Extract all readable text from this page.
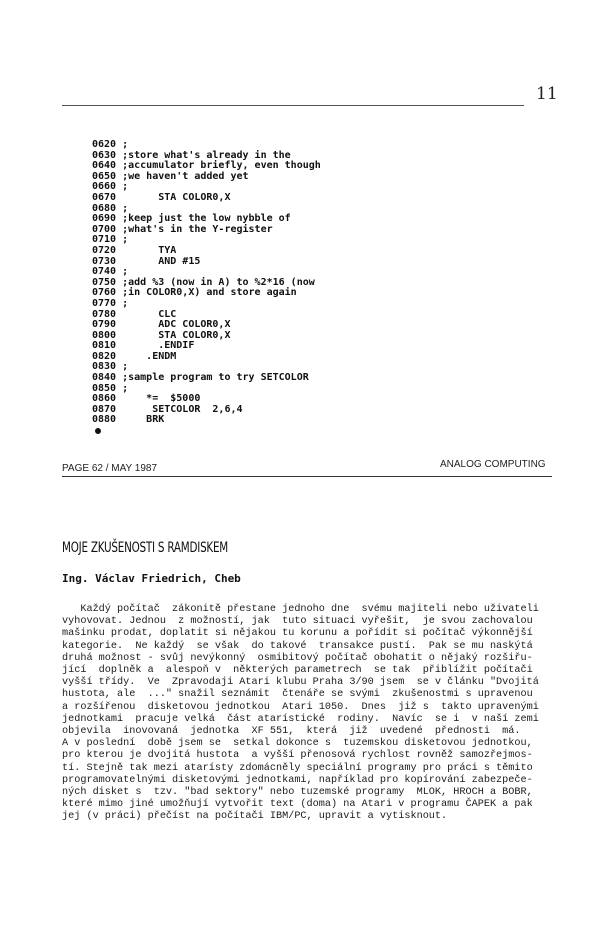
11
0620 ;
0630 ;store what's already in the
0640 ;accumulator briefly, even though
0650 ;we haven't added yet
0660 ;
0670       STA COLOR0,X
0680 ;
0690 ;keep just the low nybble of
0700 ;what's in the Y-register
0710 ;
0720       TYA
0730       AND #15
0740 ;
0750 ;add %3 (now in A) to %2*16 (now
0760 ;in COLOR0,X) and store again
0770 ;
0780       CLC
0790       ADC COLOR0,X
0800       STA COLOR0,X
0810       .ENDIF
0820     .ENDM
0830 ;
0840 ;sample program to try SETCOLOR
0850 ;
0860     *=  $5000
0870      SETCOLOR  2,6,4
0880     BRK
PAGE 62 / MAY 1987	ANALOG COMPUTING
MOJE ZKUŠENOSTI S RAMDISKEM
Ing. Václav Friedrich, Cheb
Každý počítač  zákonitě přestane jednoho dne  svému majiteli nebo uživateli
vyhovovat. Jednou  z možností, jak  tuto situaci vyřešit,  je svou zachovalou
mašinku prodat, doplatit si nějakou tu korunu a pořídit si počítač výkonnější
kategorie.  Ne každý  se však  do takové  transakce pustí.  Pak se mu naskýtá
druhá možnost - svůj nevýkonný  osmibitový počítač obohatit o nějaký rozšiřu-
jící  doplněk a  alespoň v  některých parametrech  se tak  přiblížit počítači
vyšší třídy.  Ve  Zpravodaji Atari klubu Praha 3/90 jsem  se v článku "Dvojitá
hustota, ale  ..." snažil seznámit  čtenáře se svými  zkušenostmi s upravenou
a rozšířenou  disketovou jednotkou  Atari 1050.  Dnes  již s  takto upravenými
jednotkami  pracuje velká  část atarístické  rodiny.  Navíc  se i  v naší zemi
objevila  inovovaná  jednotka  XF 551,  která  již  uvedené  přednosti  má.
A v poslední  době jsem se  setkal dokonce s  tuzemskou disketovou jednotkou,
pro kterou je dvojitá hustota  a vyšší přenosová rychlost rovněž samozřejmos-
tí. Stejně tak mezi atarísty zdomácněly speciální programy pro práci s těmito
programovatelnými disketovými jednotkami, například pro kopírování zabezpeče-
ných disket s  tzv. "bad sektory" nebo tuzemské programy  MLOK, HROCH a BOBR,
které mimo jiné umožňují vytvořit text (doma) na Atari v programu ČAPEK a pak
jej (v práci) přečíst na počítači IBM/PC, upravit a vytisknout.
